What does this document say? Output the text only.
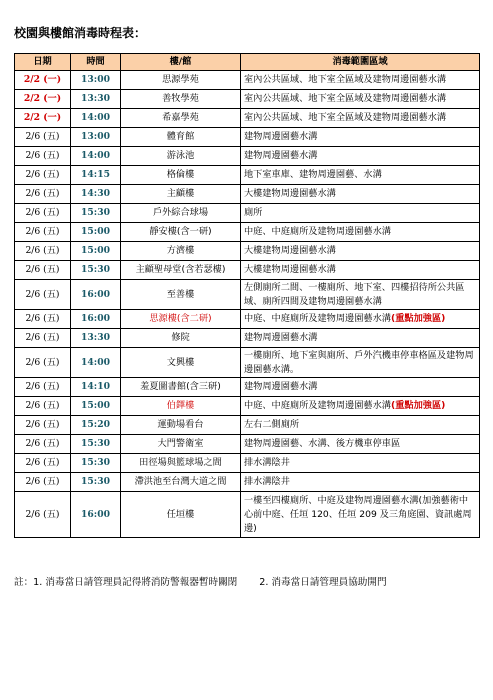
校園與樓館消毒時程表：
日期	時間	樓/館	消毒範圍區域
2/2 (一)	13:00	思源學苑	室內公共區域、地下室全區域及建物周邊園藝水溝
2/2 (一)	13:30	善牧學苑	室內公共區域、地下室全區域及建物周邊園藝水溝
2/2 (一)	14:00	希嘉學苑	室內公共區域、地下室全區域及建物周邊園藝水溝
2/6 (五)	13:00	體育館	建物周邊園藝水溝
2/6 (五)	14:00	游泳池	建物周邊園藝水溝
2/6 (五)	14:15	格倫樓	地下室車庫、建物周邊園藝、水溝
2/6 (五)	14:30	主顧樓	大樓建物周邊園藝水溝
2/6 (五)	15:30	戶外綜合球場	廁所
2/6 (五)	15:00	靜安樓(含一研)	中庭、中庭廁所及建物周邊園藝水溝
2/6 (五)	15:00	方濟樓	大樓建物周邊園藝水溝
2/6 (五)	15:30	主顧聖母堂(含若瑟樓)	大樓建物周邊園藝水溝
2/6 (五)	16:00	至善樓	左側廁所二間、一樓廁所、地下室、四樓招待所公共區域、廁所四間及建物周邊園藝水溝
2/6 (五)	16:00	思源樓(含二研)	中庭、中庭廁所及建物周邊園藝水溝(重點加強區)
2/6 (五)	13:30	修院	建物周邊園藝水溝
2/6 (五)	14:00	文興樓	一樓廁所、地下室與廁所、戶外汽機車停車格區及建物周邊園藝水溝。
2/6 (五)	14:10	羞夏圖書館(含三研)	建物周邊園藝水溝
2/6 (五)	15:00	伯鐸樓	中庭、中庭廁所及建物周邊園藝水溝(重點加強區)
2/6 (五)	15:20	運動場看台	左右二側廁所
2/6 (五)	15:30	大門警衛室	建物周邊園藝、水溝、後方機車停車區
2/6 (五)	15:30	田徑場與籃球場之間	排水溝陰井
2/6 (五)	15:30	滯洪池至台灣大道之間	排水溝陰井
2/6 (五)	16:00	任垣樓	一樓至四樓廁所、中庭及建物周邊園藝水溝(加強藝術中心前中庭、任垣 120、任垣 209 及三角庭園、資訊處周邊)
註：1. 消毒當日請管理員記得將消防警報器暫時關閉 2. 消毒當日請管理員協助開門
